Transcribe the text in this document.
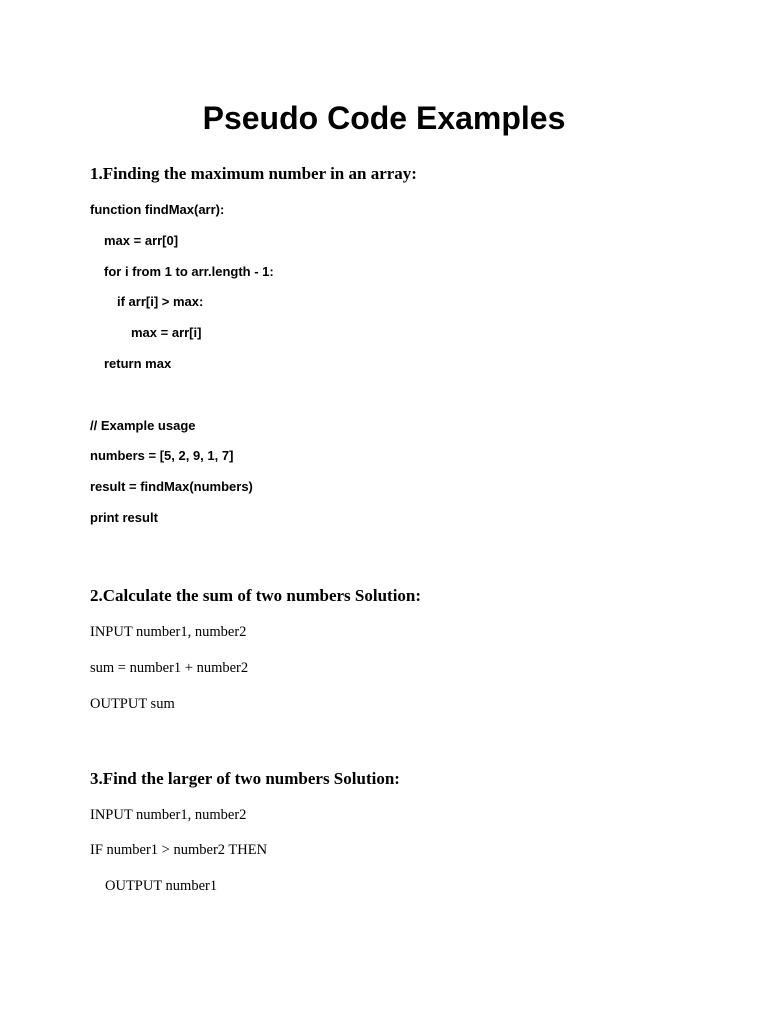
Pseudo Code Examples
1.Finding the maximum number in an array:
function findMax(arr):
max = arr[0]
for i from 1 to arr.length - 1:
if arr[i] > max:
max = arr[i]
return max
// Example usage
numbers = [5, 2, 9, 1, 7]
result = findMax(numbers)
print result
2.Calculate the sum of two numbers Solution:
INPUT number1, number2
sum = number1 + number2
OUTPUT sum
3.Find the larger of two numbers Solution:
INPUT number1, number2
IF number1 > number2 THEN
OUTPUT number1
